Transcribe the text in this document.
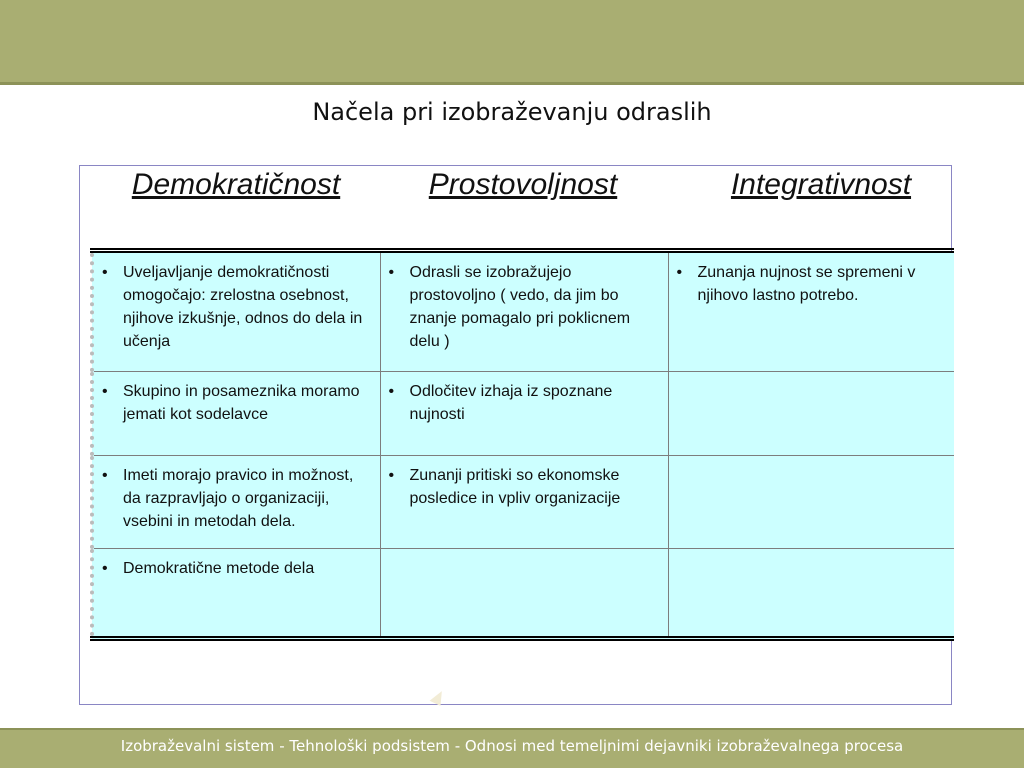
Načela pri izobraževanju odraslih
Demokratičnost	Prostovoljnost	Integrativnost
• Uveljavljanje demokratičnosti omogočajo: zrelostna osebnost, njihove izkušnje, odnos do dela in učenja	• Odrasli se izobražujejo prostovoljno ( vedo, da jim bo znanje pomagalo pri poklicnem delu )	• Zunanja nujnost se spremeni v njihovo lastno potrebo.

• Skupino in posameznika moramo jemati kot sodelavce	• Odločitev izhaja iz spoznane nujnosti	

• Imeti morajo pravico in možnost, da razpravljajo o organizaciji, vsebini in metodah dela.	• Zunanji pritiski so ekonomske posledice in vpliv organizacije	

• Demokratične metode dela		

Izobraževalni sistem - Tehnološki podsistem - Odnosi med temeljnimi dejavniki izobraževalnega procesa
